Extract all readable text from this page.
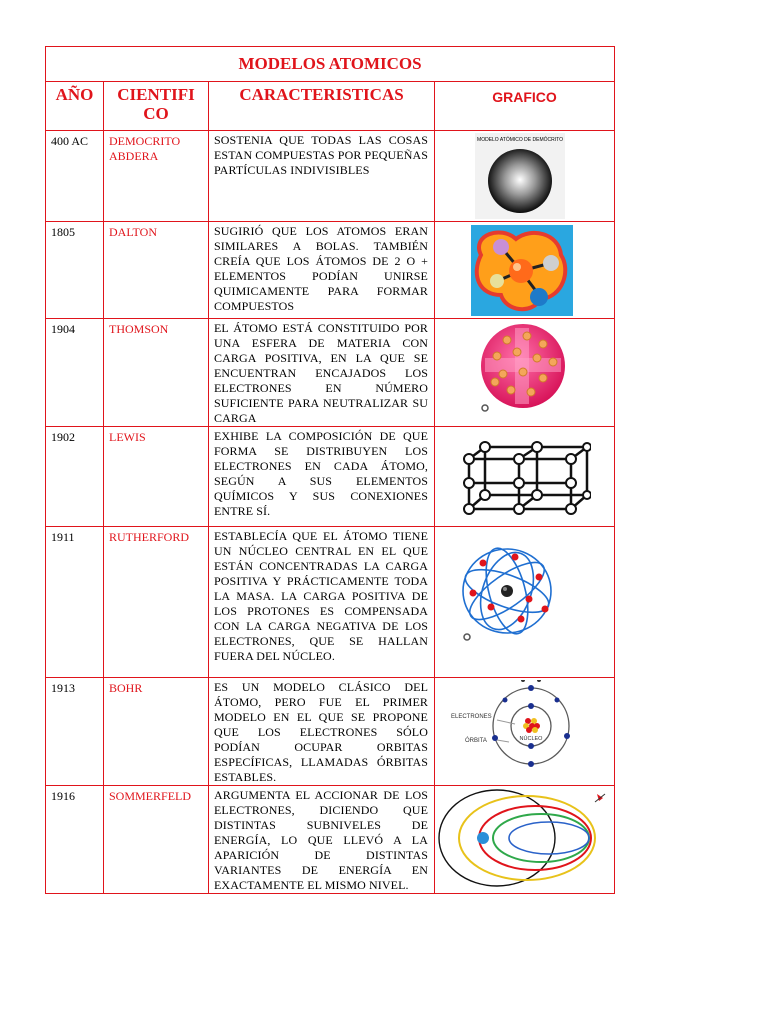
MODELOS ATOMICOS			
AÑO	CIENTIFI CO	CARACTERISTICAS	GRAFICO
400 AC	DEMOCRITO ABDERA	SOSTENIA QUE TODAS LAS COSAS ESTAN COMPUESTAS POR PEQUEÑAS PARTÍCULAS INDIVISIBLES	MODELO ATÓMICO DE DEMÓCRITO

1805	DALTON	SUGIRIÓ QUE LOS ATOMOS ERAN SIMILARES A BOLAS. TAMBIÉN CREÍA QUE LOS ÁTOMOS DE 2 O + ELEMENTOS PODÍAN UNIRSE QUIMICAMENTE PARA FORMAR COMPUESTOS	

1904	THOMSON	EL ÁTOMO ESTÁ CONSTITUIDO POR UNA ESFERA DE MATERIA CON CARGA POSITIVA, EN LA QUE SE ENCUENTRAN ENCAJADOS LOS ELECTRONES EN NÚMERO SUFICIENTE PARA NEUTRALIZAR SU CARGA	

1902	LEWIS	EXHIBE LA COMPOSICIÓN DE QUE FORMA SE DISTRIBUYEN LOS ELECTRONES EN CADA ÁTOMO, SEGÚN A SUS ELEMENTOS QUÍMICOS Y SUS CONEXIONES ENTRE SÍ.	

1911	RUTHERFORD	ESTABLECÍA QUE EL ÁTOMO TIENE UN NÚCLEO CENTRAL EN EL QUE ESTÁN CONCENTRADAS LA CARGA POSITIVA Y PRÁCTICAMENTE TODA LA MASA. LA CARGA POSITIVA DE LOS PROTONES ES COMPENSADA CON LA CARGA NEGATIVA DE LOS ELECTRONES, QUE SE HALLAN FUERA DEL NÚCLEO.	

1913	BOHR	ES UN MODELO CLÁSICO DEL ÁTOMO, PERO FUE EL PRIMER MODELO EN EL QUE SE PROPONE QUE LOS ELECTRONES SÓLO PODÍAN OCUPAR ORBITAS ESPECÍFICAS, LLAMADAS ÓRBITAS ESTABLES.	ELECTRONES
ÓRBITA NÚCLEO

1916	SOMMERFELD	ARGUMENTA EL ACCIONAR DE LOS ELECTRONES, DICIENDO QUE DISTINTAS SUBNIVELES DE ENERGÍA, LO QUE LLEVÓ A LA APARICIÓN DE DISTINTAS VARIANTES DE ENERGÍA EN EXACTAMENTE EL MISMO NIVEL.	
